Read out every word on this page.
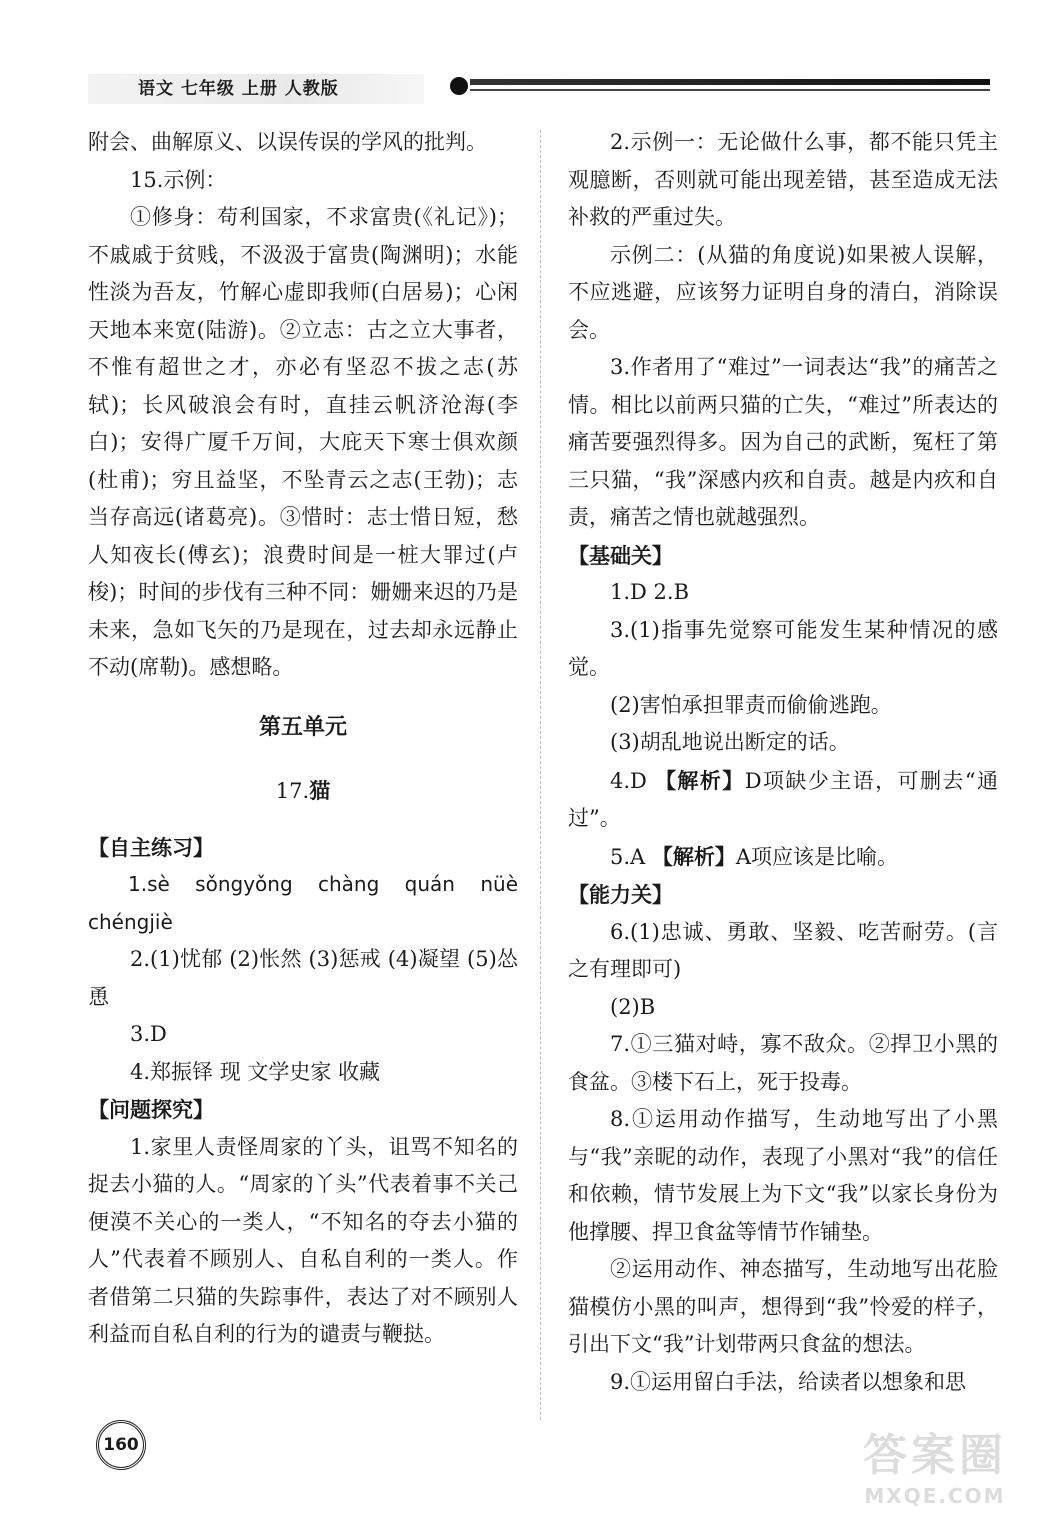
语文 七年级 上册 人教版

附会、曲解原义、以误传误的学风的批判。

15.示例：

①修身：苟利国家，不求富贵(《礼记》)；不戚戚于贫贱，不汲汲于富贵(陶渊明)；水能性淡为吾友，竹解心虚即我师(白居易)；心闲天地本来宽(陆游)。②立志：古之立大事者，不惟有超世之才，亦必有坚忍不拔之志(苏轼)；长风破浪会有时，直挂云帆济沧海(李白)；安得广厦千万间，大庇天下寒士俱欢颜(杜甫)；穷且益坚，不坠青云之志(王勃)；志当存高远(诸葛亮)。③惜时：志士惜日短，愁人知夜长(傅玄)；浪费时间是一桩大罪过(卢梭)；时间的步伐有三种不同：姗姗来迟的乃是未来，急如飞矢的乃是现在，过去却永远静止不动(席勒)。感想略。

第五单元
17.猫

【自主练习】

1.sè sǒngyǒng chàng quán nüè chéngjiè

2.(1)忧郁 (2)怅然 (3)惩戒 (4)凝望 (5)怂恿

3.D

4.郑振铎 现 文学史家 收藏

【问题探究】

1.家里人责怪周家的丫头，诅骂不知名的捉去小猫的人。“周家的丫头”代表着事不关己便漠不关心的一类人，“不知名的夺去小猫的人”代表着不顾别人、自私自利的一类人。作者借第二只猫的失踪事件，表达了对不顾别人利益而自私自利的行为的谴责与鞭挞。

2.示例一：无论做什么事，都不能只凭主观臆断，否则就可能出现差错，甚至造成无法补救的严重过失。

示例二：(从猫的角度说)如果被人误解，不应逃避，应该努力证明自身的清白，消除误会。

3.作者用了“难过”一词表达“我”的痛苦之情。相比以前两只猫的亡失，“难过”所表达的痛苦要强烈得多。因为自己的武断，冤枉了第三只猫，“我”深感内疚和自责。越是内疚和自责，痛苦之情也就越强烈。

【基础关】

1.D 2.B

3.(1)指事先觉察可能发生某种情况的感觉。

(2)害怕承担罪责而偷偷逃跑。

(3)胡乱地说出断定的话。

4.D 【解析】D项缺少主语，可删去“通过”。

5.A 【解析】A项应该是比喻。

【能力关】

6.(1)忠诚、勇敢、坚毅、吃苦耐劳。(言之有理即可)

(2)B

7.①三猫对峙，寡不敌众。②捍卫小黑的食盆。③楼下石上，死于投毒。

8.①运用动作描写，生动地写出了小黑与“我”亲昵的动作，表现了小黑对“我”的信任和依赖，情节发展上为下文“我”以家长身份为他撑腰、捍卫食盆等情节作铺垫。

②运用动作、神态描写，生动地写出花脸猫模仿小黑的叫声，想得到“我”怜爱的样子，引出下文“我”计划带两只食盆的想法。

9.①运用留白手法，给读者以想象和思

160	答案圈
MXQE.COM
